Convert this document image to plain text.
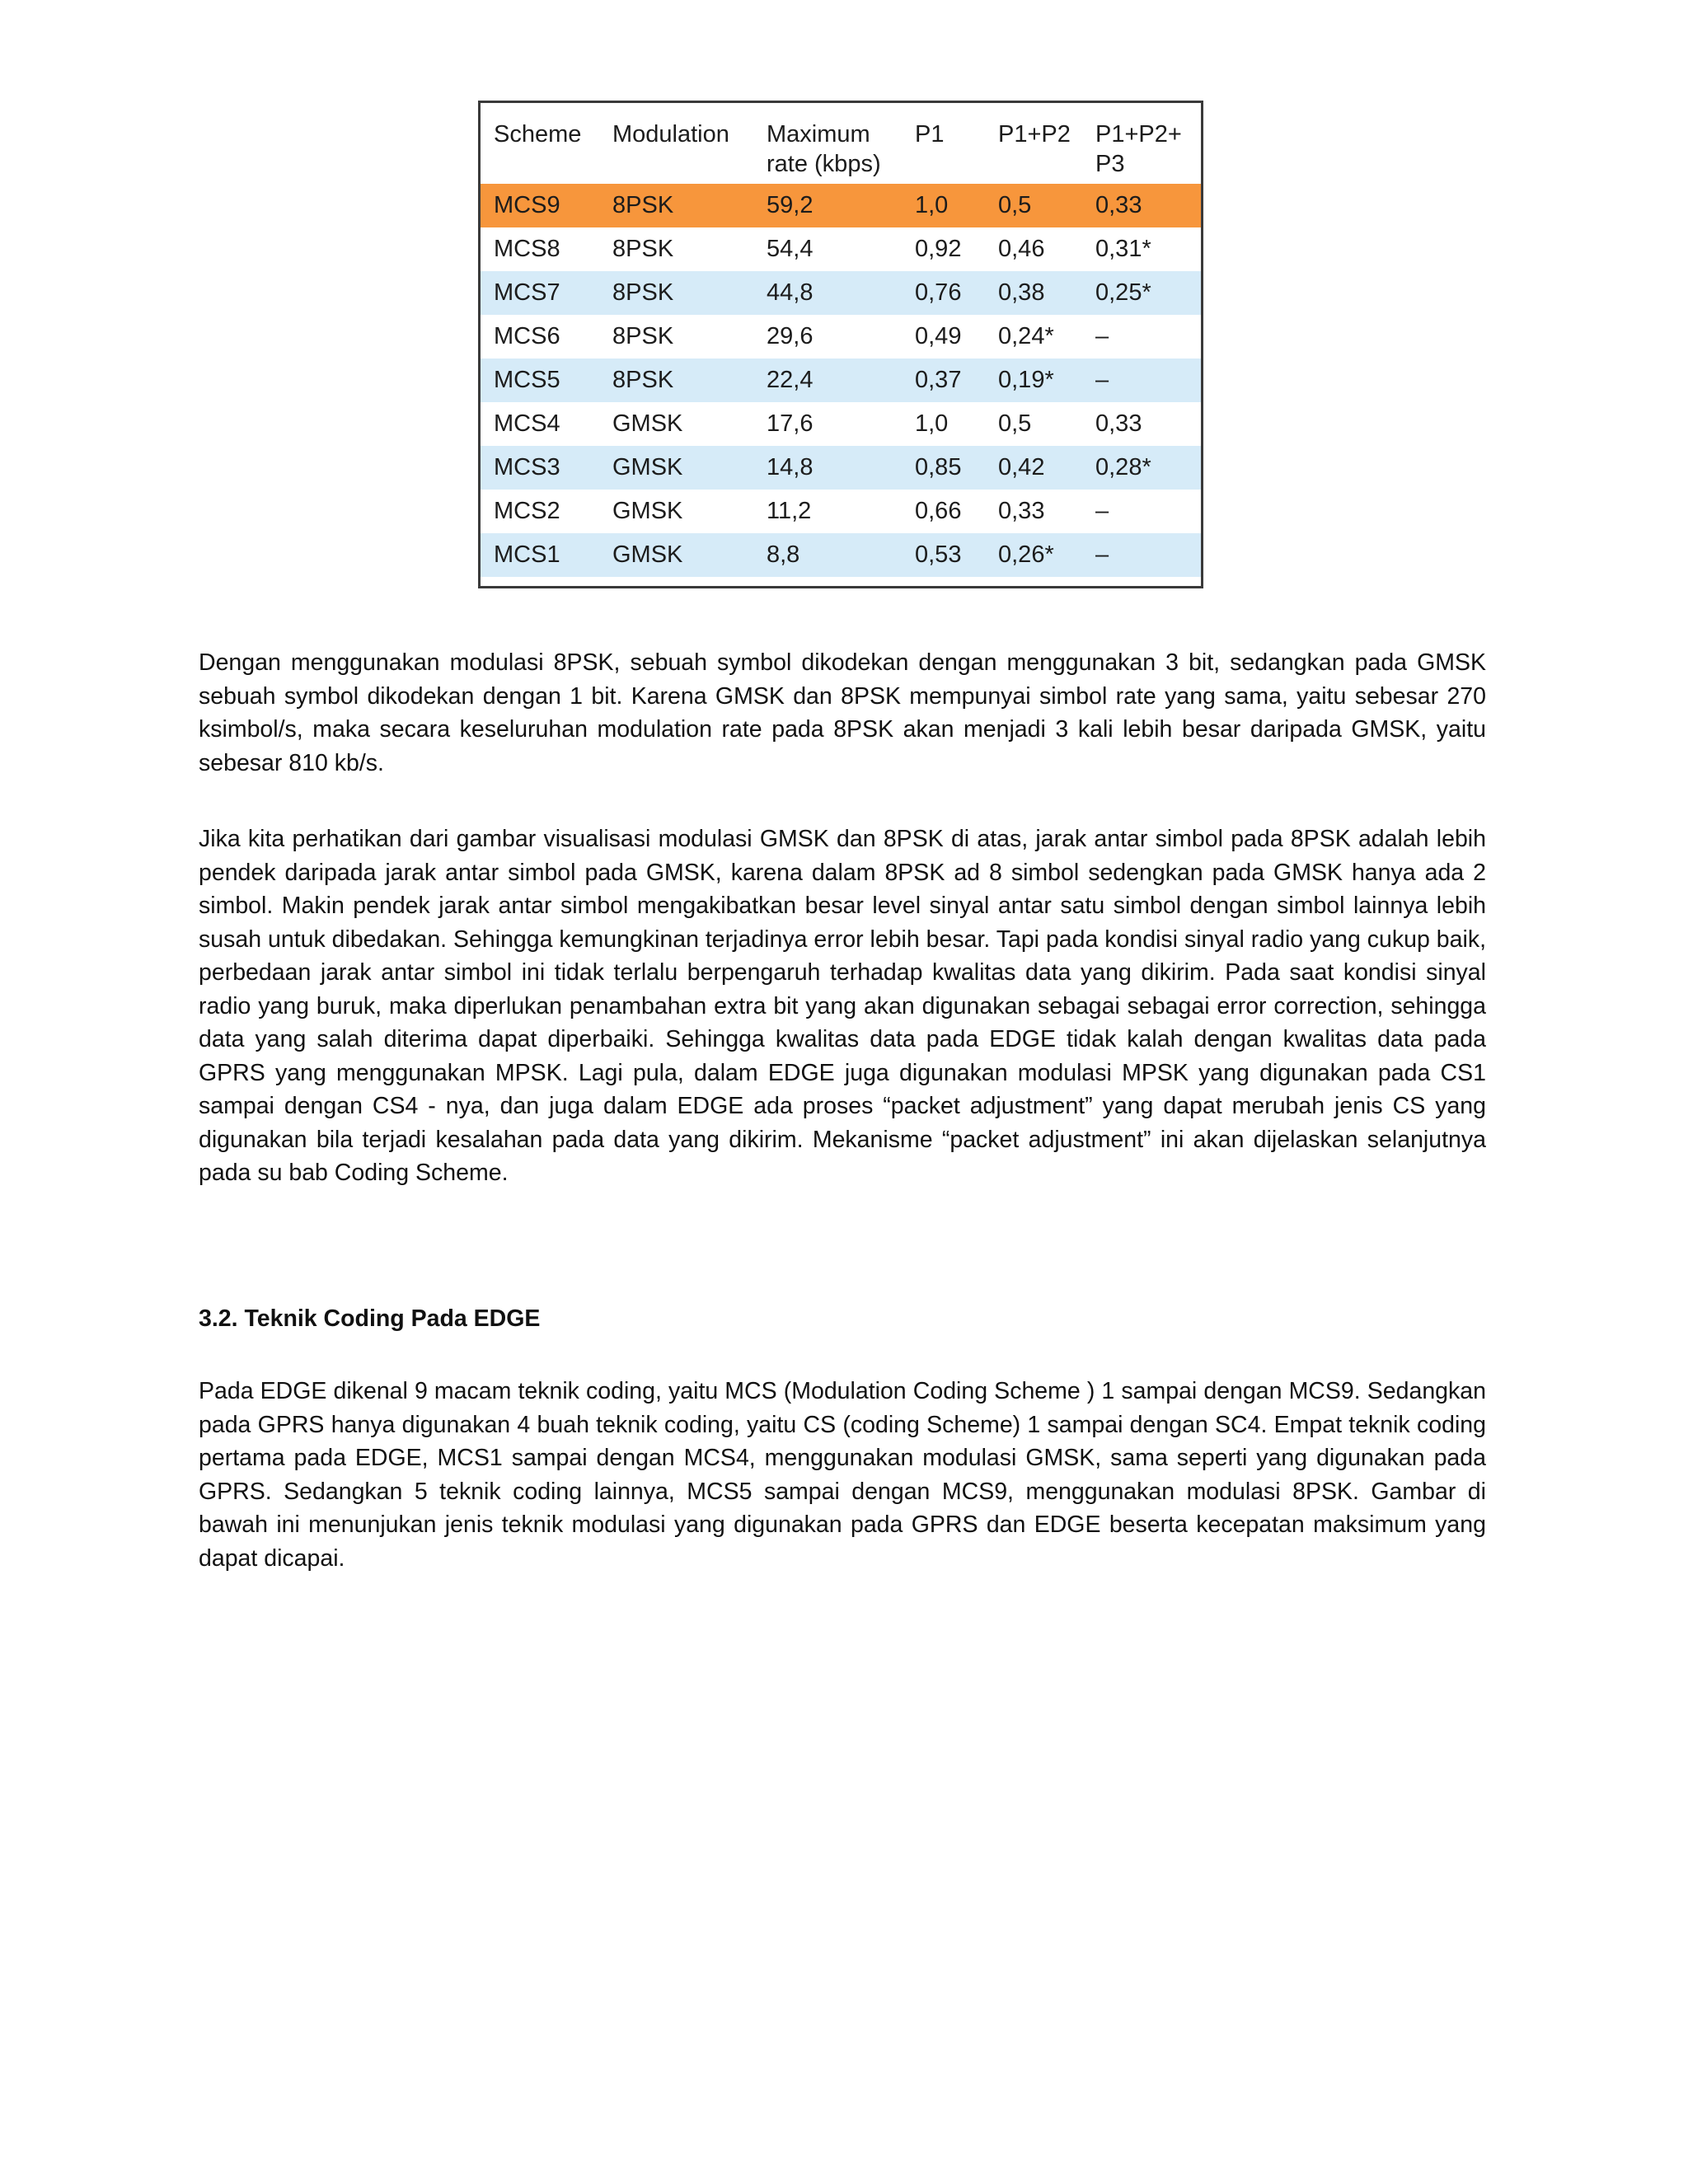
Scheme	Modulation	Maximum rate (kbps)	P1	P1+P2	P1+P2+ P3
MCS9	8PSK	59,2	1,0	0,5	0,33
MCS8	8PSK	54,4	0,92	0,46	0,31*
MCS7	8PSK	44,8	0,76	0,38	0,25*
MCS6	8PSK	29,6	0,49	0,24*	–
MCS5	8PSK	22,4	0,37	0,19*	–
MCS4	GMSK	17,6	1,0	0,5	0,33
MCS3	GMSK	14,8	0,85	0,42	0,28*
MCS2	GMSK	11,2	0,66	0,33	–
MCS1	GMSK	8,8	0,53	0,26*	–

Dengan menggunakan modulasi 8PSK, sebuah symbol dikodekan dengan menggunakan 3 bit, sedangkan pada GMSK sebuah symbol dikodekan dengan 1 bit. Karena GMSK dan 8PSK mempunyai simbol rate yang sama, yaitu sebesar 270 ksimbol/s, maka secara keseluruhan modulation rate pada 8PSK akan menjadi 3 kali lebih besar daripada GMSK, yaitu sebesar 810 kb/s.

Jika kita perhatikan dari gambar visualisasi modulasi GMSK dan 8PSK di atas, jarak antar simbol pada 8PSK adalah lebih pendek daripada jarak antar simbol pada GMSK, karena dalam 8PSK ad 8 simbol sedengkan pada GMSK hanya ada 2 simbol. Makin pendek jarak antar simbol mengakibatkan besar level sinyal antar satu simbol dengan simbol lainnya lebih susah untuk dibedakan. Sehingga kemungkinan terjadinya error lebih besar. Tapi pada kondisi sinyal radio yang cukup baik, perbedaan jarak antar simbol ini tidak terlalu berpengaruh terhadap kwalitas data yang dikirim. Pada saat kondisi sinyal radio yang buruk, maka diperlukan penambahan extra bit yang akan digunakan sebagai sebagai error correction, sehingga data yang salah diterima dapat diperbaiki. Sehingga kwalitas data pada EDGE tidak kalah dengan kwalitas data pada GPRS yang menggunakan MPSK. Lagi pula, dalam EDGE juga digunakan modulasi MPSK yang digunakan pada CS1 sampai dengan CS4 - nya, dan juga dalam EDGE ada proses “packet adjustment” yang dapat merubah jenis CS yang digunakan bila terjadi kesalahan pada data yang dikirim. Mekanisme “packet adjustment” ini akan dijelaskan selanjutnya pada su bab Coding Scheme.

3.2. Teknik Coding Pada EDGE

Pada EDGE dikenal 9 macam teknik coding, yaitu MCS (Modulation Coding Scheme ) 1 sampai dengan MCS9. Sedangkan pada GPRS hanya digunakan 4 buah teknik coding, yaitu CS (coding Scheme) 1 sampai dengan SC4. Empat teknik coding pertama pada EDGE, MCS1 sampai dengan MCS4, menggunakan modulasi GMSK, sama seperti yang digunakan pada GPRS. Sedangkan 5 teknik coding lainnya, MCS5 sampai dengan MCS9, menggunakan modulasi 8PSK. Gambar di bawah ini menunjukan jenis teknik modulasi yang digunakan pada GPRS dan EDGE beserta kecepatan maksimum yang dapat dicapai.
